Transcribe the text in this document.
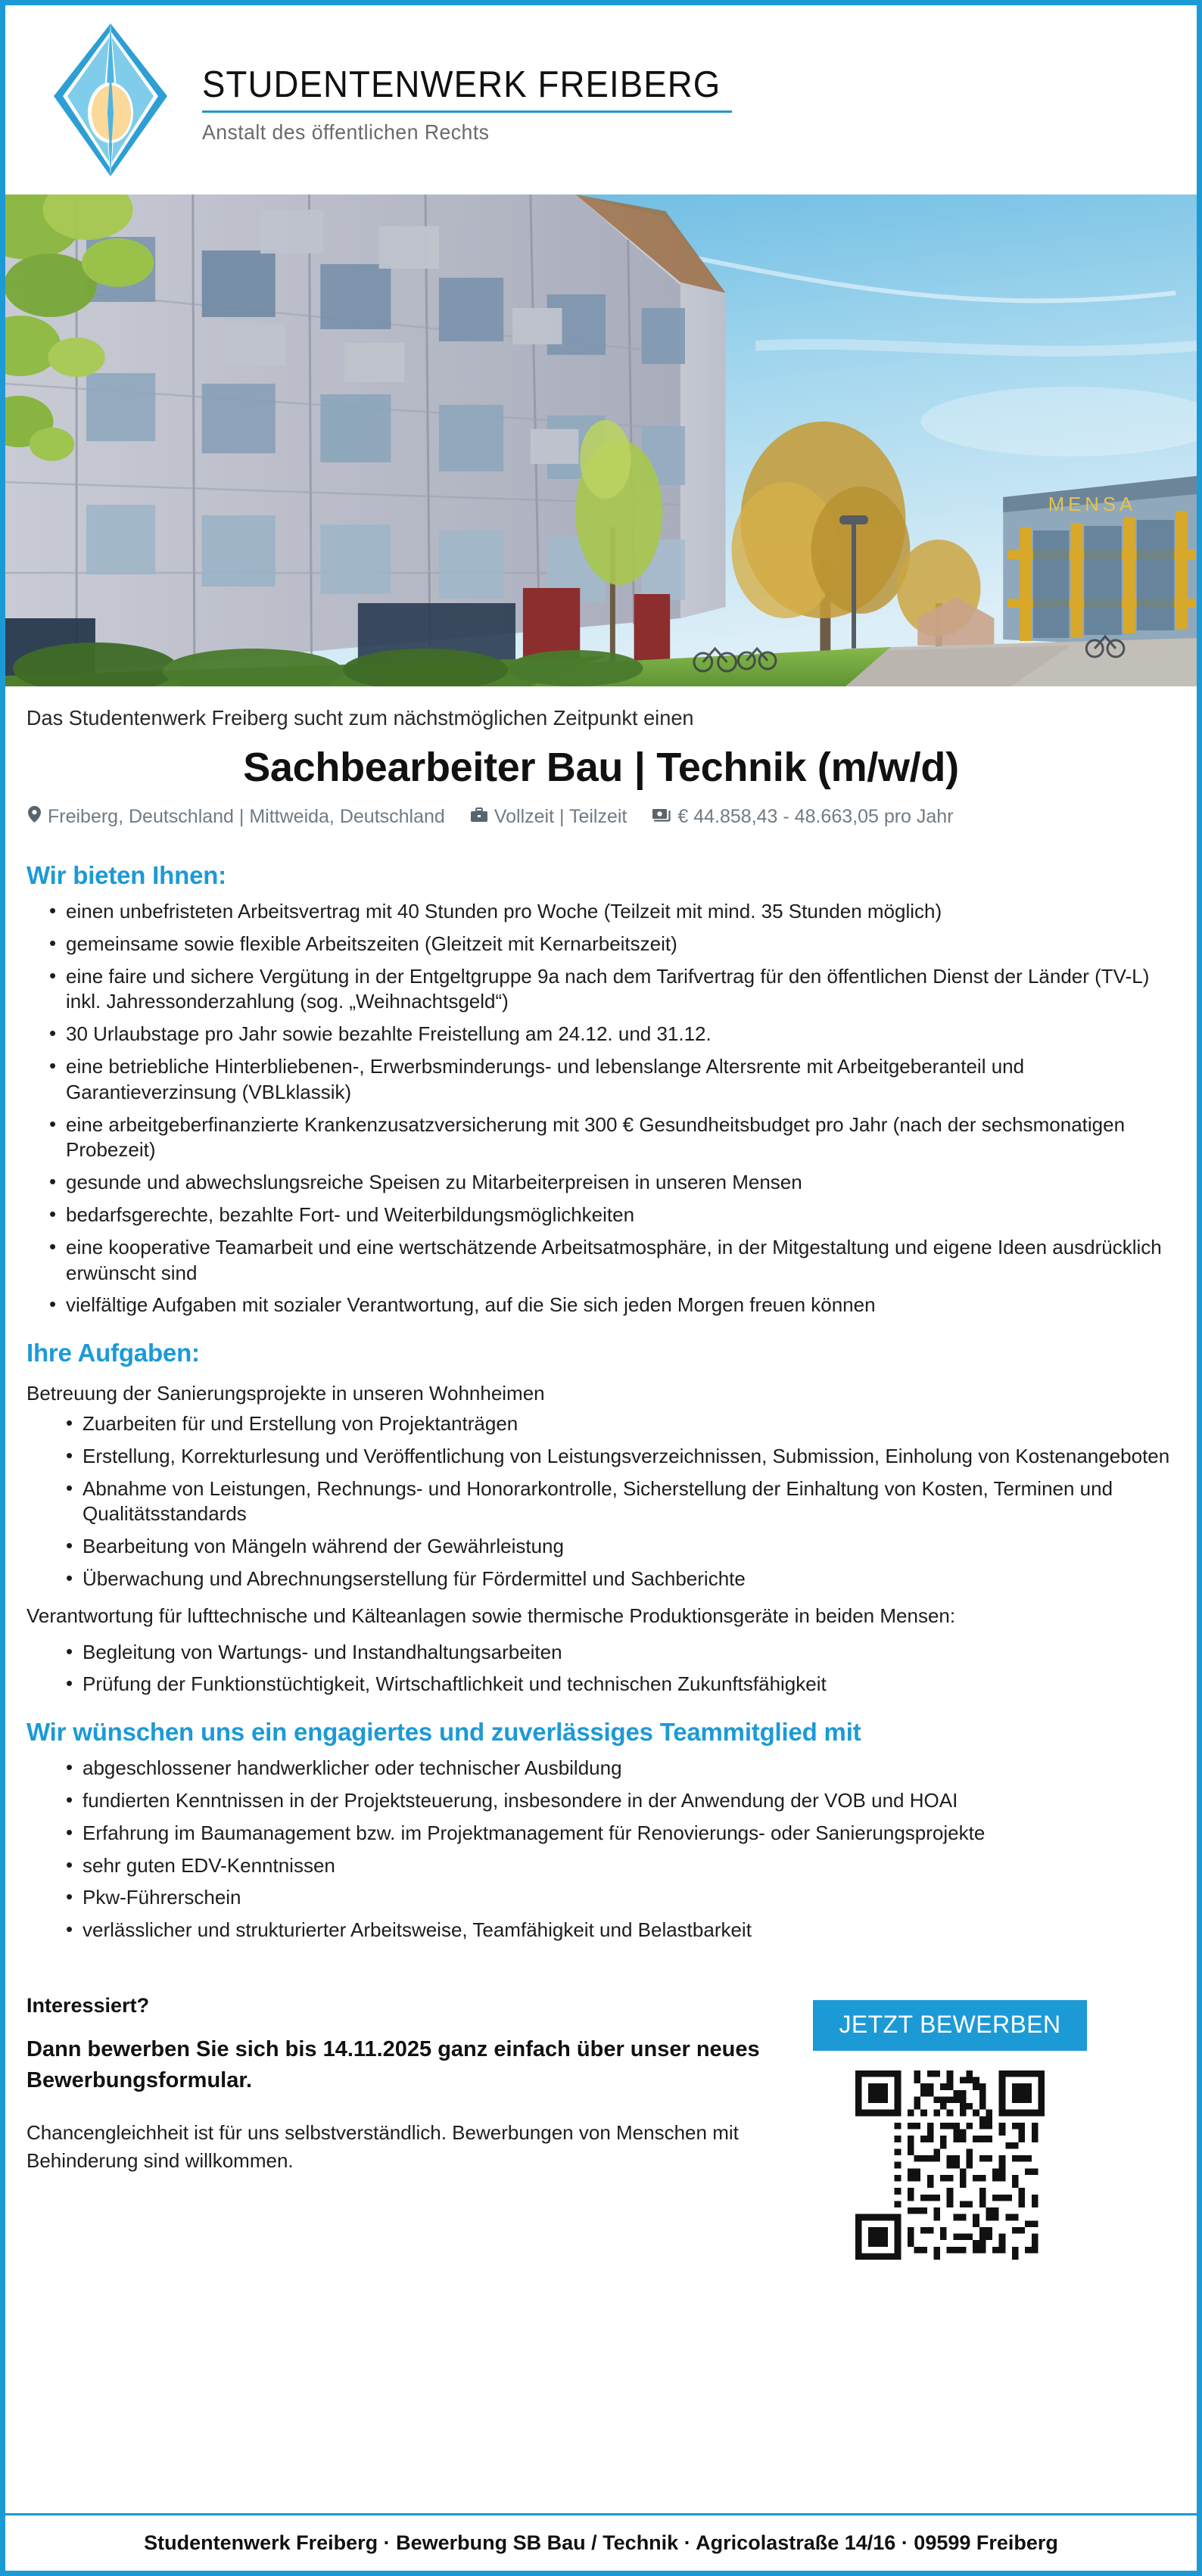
STUDENTENWERK FREIBERG
Anstalt des öffentlichen Rechts
MENSA
Das Studentenwerk Freiberg sucht zum nächstmöglichen Zeitpunkt einen
Sachbearbeiter Bau | Technik (m/w/d)
Freiberg, Deutschland | Mittweida, Deutschland	Vollzeit | Teilzeit	€ 44.858,43 - 48.663,05 pro Jahr
Wir bieten Ihnen:
• einen unbefristeten Arbeitsvertrag mit 40 Stunden pro Woche (Teilzeit mit mind. 35 Stunden möglich)
• gemeinsame sowie flexible Arbeitszeiten (Gleitzeit mit Kernarbeitszeit)
• eine faire und sichere Vergütung in der Entgeltgruppe 9a nach dem Tarifvertrag für den öffentlichen Dienst der Länder (TV-L) inkl. Jahressonderzahlung (sog. „Weihnachtsgeld“)
• 30 Urlaubstage pro Jahr sowie bezahlte Freistellung am 24.12. und 31.12.
• eine betriebliche Hinterbliebenen-, Erwerbsminderungs- und lebenslange Altersrente mit Arbeitgeberanteil und Garantieverzinsung (VBLklassik)
• eine arbeitgeberfinanzierte Krankenzusatzversicherung mit 300 € Gesundheitsbudget pro Jahr (nach der sechsmonatigen Probezeit)
• gesunde und abwechslungsreiche Speisen zu Mitarbeiterpreisen in unseren Mensen
• bedarfsgerechte, bezahlte Fort- und Weiterbildungsmöglichkeiten
• eine kooperative Teamarbeit und eine wertschätzende Arbeitsatmosphäre, in der Mitgestaltung und eigene Ideen ausdrücklich erwünscht sind
• vielfältige Aufgaben mit sozialer Verantwortung, auf die Sie sich jeden Morgen freuen können
Ihre Aufgaben:

Betreuung der Sanierungsprojekte in unseren Wohnheimen

• Zuarbeiten für und Erstellung von Projektanträgen
• Erstellung, Korrekturlesung und Veröffentlichung von Leistungsverzeichnissen, Submission, Einholung von Kostenangeboten
• Abnahme von Leistungen, Rechnungs- und Honorarkontrolle, Sicherstellung der Einhaltung von Kosten, Terminen und Qualitätsstandards
• Bearbeitung von Mängeln während der Gewährleistung
• Überwachung und Abrechnungserstellung für Fördermittel und Sachberichte

Verantwortung für lufttechnische und Kälteanlagen sowie thermische Produktionsgeräte in beiden Mensen:

• Begleitung von Wartungs- und Instandhaltungsarbeiten
• Prüfung der Funktionstüchtigkeit, Wirtschaftlichkeit und technischen Zukunftsfähigkeit
Wir wünschen uns ein engagiertes und zuverlässiges Teammitglied mit
• abgeschlossener handwerklicher oder technischer Ausbildung
• fundierten Kenntnissen in der Projektsteuerung, insbesondere in der Anwendung der VOB und HOAI
• Erfahrung im Baumanagement bzw. im Projektmanagement für Renovierungs- oder Sanierungsprojekte
• sehr guten EDV-Kenntnissen
• Pkw-Führerschein
• verlässlicher und strukturierter Arbeitsweise, Teamfähigkeit und Belastbarkeit
Interessiert?
Dann bewerben Sie sich bis 14.11.2025 ganz einfach über unser neues Bewerbungsformular.
Chancengleichheit ist für uns selbstverständlich. Bewerbungen von Menschen mit Behinderung sind willkommen.
JETZT BEWERBEN
Studentenwerk Freiberg · Bewerbung SB Bau / Technik · Agricolastraße 14/16 · 09599 Freiberg
